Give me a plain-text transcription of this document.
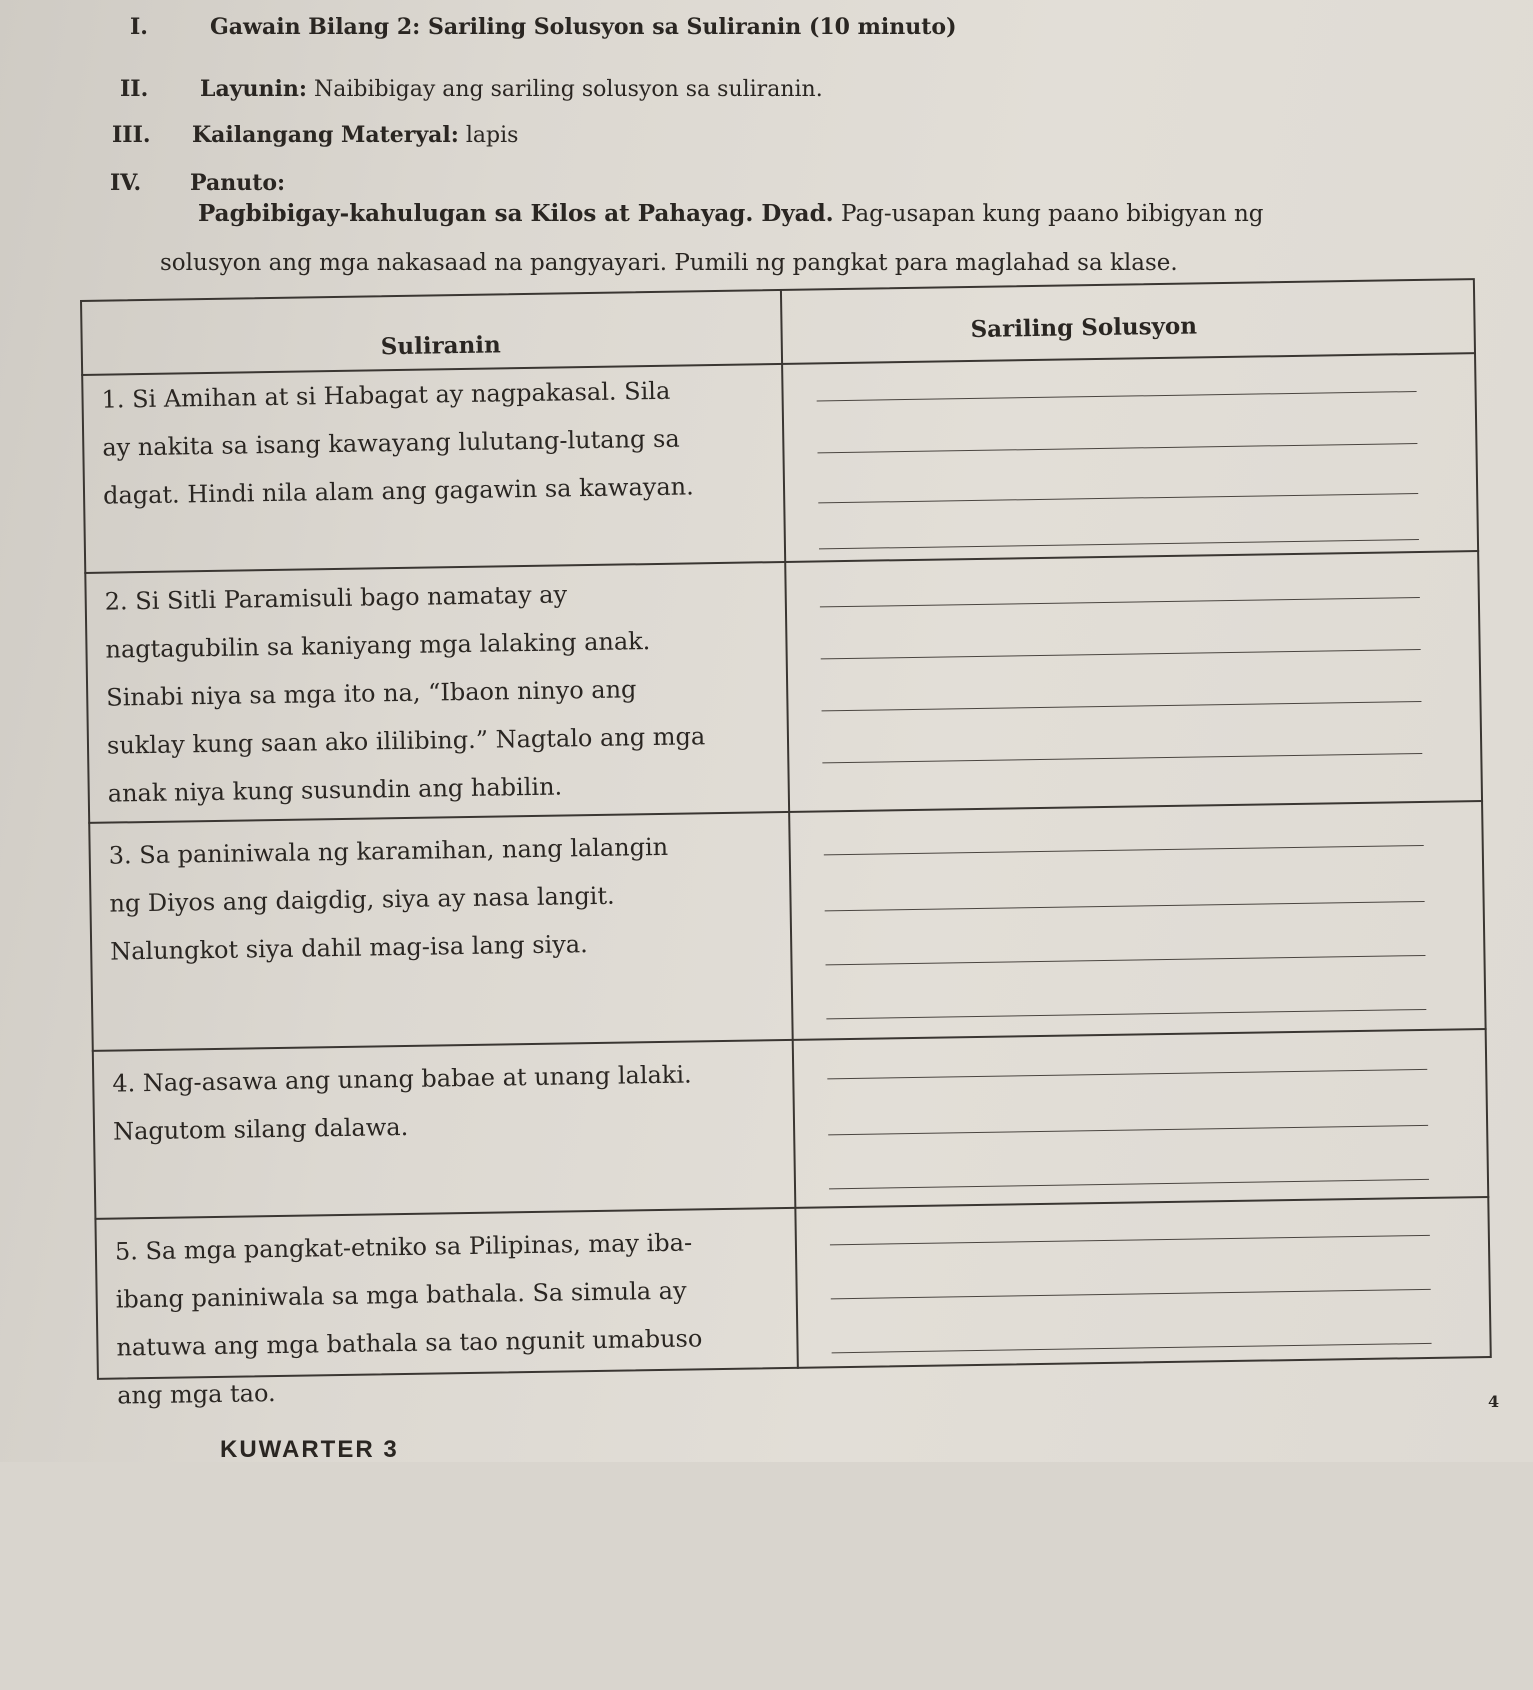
I.	Gawain Bilang 2: Sariling Solusyon sa Suliranin (10 minuto)
II. Layunin: Naibibigay ang sariling solusyon sa suliranin.
III. Kailangang Materyal: lapis
IV. Panuto:
Pagbibigay-kahulugan sa Kilos at Pahayag. Dyad. Pag-usapan kung paano bibigyan ng
solusyon ang mga nakasaad na pangyayari. Pumili ng pangkat para maglahad sa klase.
Suliranin
Sariling Solusyon
1. Si Amihan at si Habagat ay nagpakasal. Sila
ay nakita sa isang kawayang lulutang-lutang sa
dagat. Hindi nila alam ang gagawin sa kawayan.
2. Si Sitli Paramisuli bago namatay ay
nagtagubilin sa kaniyang mga lalaking anak.
Sinabi niya sa mga ito na, “Ibaon ninyo ang
suklay kung saan ako ililibing.” Nagtalo ang mga
anak niya kung susundin ang habilin.
3. Sa paniniwala ng karamihan, nang lalangin
ng Diyos ang daigdig, siya ay nasa langit.
Nalungkot siya dahil mag-isa lang siya.
4. Nag-asawa ang unang babae at unang lalaki.
Nagutom silang dalawa.
5. Sa mga pangkat-etniko sa Pilipinas, may iba-
ibang paniniwala sa mga bathala. Sa simula ay
natuwa ang mga bathala sa tao ngunit umabuso
ang mga tao.	4
KUWARTER 3
